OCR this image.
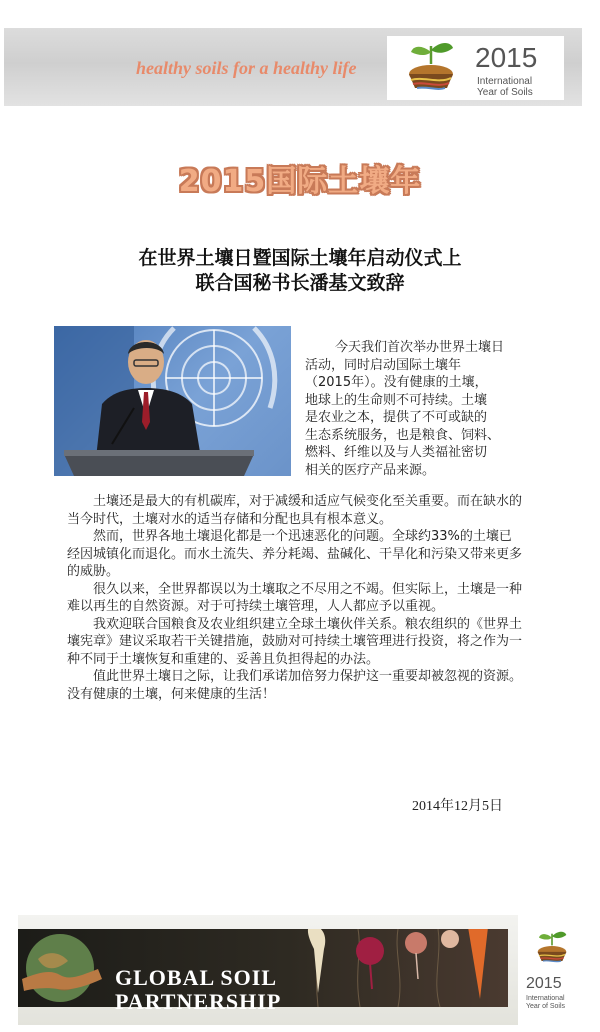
healthy soils for a healthy life	2015
International
Year of Soils
2015国际土壤年
在世界土壤日暨国际土壤年启动仪式上
联合国秘书长潘基文致辞
今天我们首次举办世界土壤日
活动，同时启动国际土壤年
（2015年）。没有健康的土壤，
地球上的生命则不可持续。土壤
是农业之本，提供了不可或缺的
生态系统服务，也是粮食、饲料、
燃料、纤维以及与人类福祉密切
相关的医疗产品来源。

土壤还是最大的有机碳库，对于减缓和适应气候变化至关重要。而在缺水的当今时代，土壤对水的适当存储和分配也具有根本意义。

然而，世界各地土壤退化都是一个迅速恶化的问题。全球约33%的土壤已经因城镇化而退化。而水土流失、养分耗竭、盐碱化、干旱化和污染又带来更多的威胁。

很久以来，全世界都误以为土壤取之不尽用之不竭。但实际上，土壤是一种难以再生的自然资源。对于可持续土壤管理，人人都应予以重视。

我欢迎联合国粮食及农业组织建立全球土壤伙伴关系。粮农组织的《世界土壤宪章》建议采取若干关键措施，鼓励对可持续土壤管理进行投资，将之作为一种不同于土壤恢复和重建的、妥善且负担得起的办法。

值此世界土壤日之际，让我们承诺加倍努力保护这一重要却被忽视的资源。 没有健康的土壤，何来健康的生活！

2014年12月5日
GLOBAL SOIL
PARTNERSHIP
2015
International
Year of Soils
